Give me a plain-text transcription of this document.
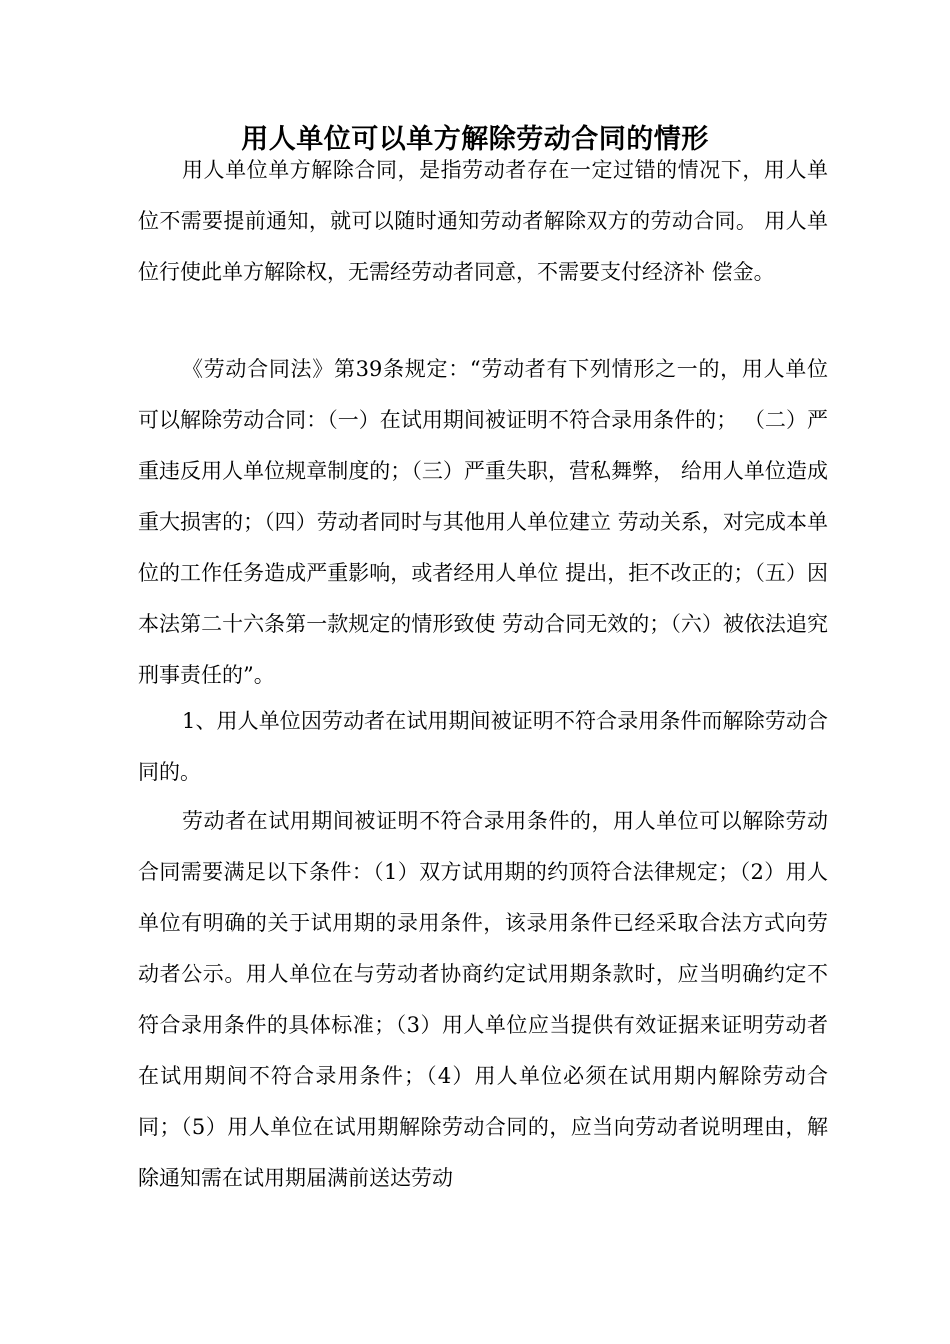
用人单位可以单方解除劳动合同的情形

用人单位单方解除合同，是指劳动者存在一定过错的情况下，用人单位不需要提前通知，就可以随时通知劳动者解除双方的劳动合同。 用人单位行使此单方解除权，无需经劳动者同意，不需要支付经济补 偿金。

《劳动合同法》第39条规定：“劳动者有下列情形之一的，用人单位可以解除劳动合同：（一）在试用期间被证明不符合录用条件的； （二）严重违反用人单位规章制度的；（三）严重失职，营私舞弊， 给用人单位造成重大损害的；（四）劳动者同时与其他用人单位建立 劳动关系，对完成本单位的工作任务造成严重影响，或者经用人单位 提出，拒不改正的；（五）因本法第二十六条第一款规定的情形致使 劳动合同无效的；（六）被依法追究刑事责任的”。

1、用人单位因劳动者在试用期间被证明不符合录用条件而解除劳动合同的。

劳动者在试用期间被证明不符合录用条件的，用人单位可以解除劳动合同需要满足以下条件：（1）双方试用期的约顶符合法律规定；（2）用人单位有明确的关于试用期的录用条件，该录用条件已经采取合法方式向劳动者公示。用人单位在与劳动者协商约定试用期条款时，应当明确约定不符合录用条件的具体标准；（3）用人单位应当提供有效证据来证明劳动者在试用期间不符合录用条件；（4）用人单位必须在试用期内解除劳动合同；（5）用人单位在试用期解除劳动合同的，应当向劳动者说明理由，解除通知需在试用期届满前送达劳动
